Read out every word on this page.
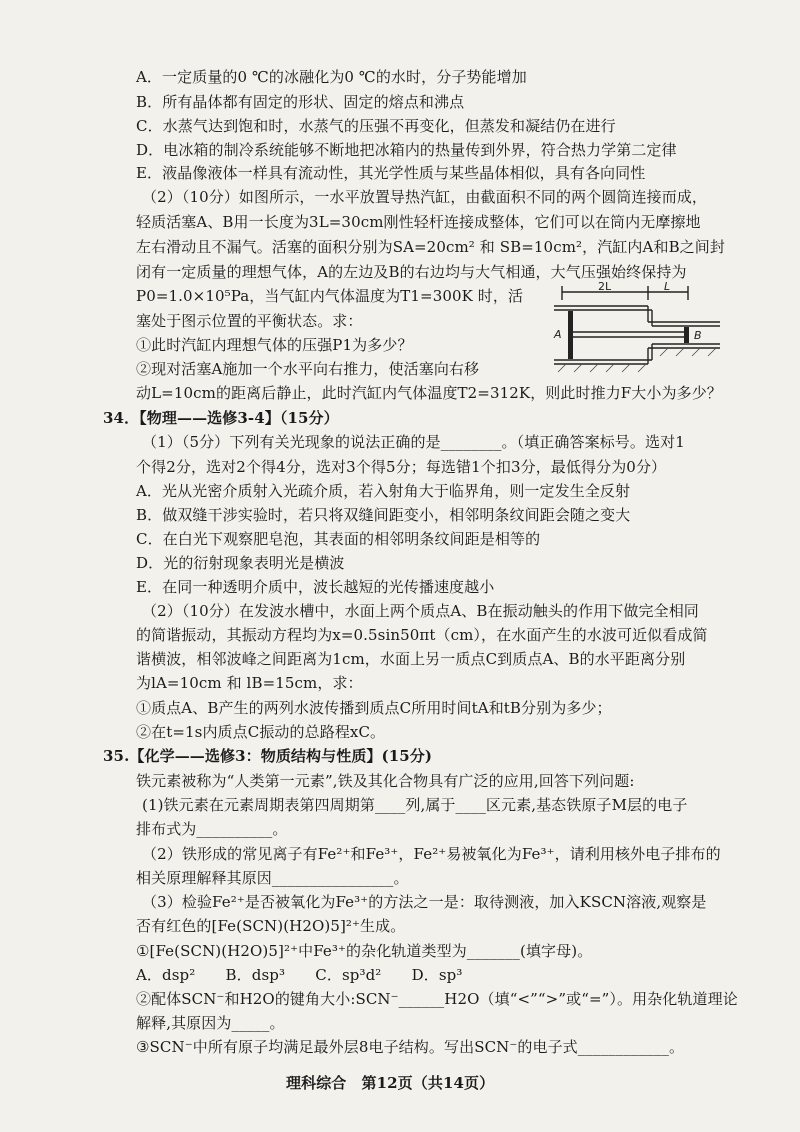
A．一定质量的0 ℃的冰融化为0 ℃的水时，分子势能增加
B．所有晶体都有固定的形状、固定的熔点和沸点
C．水蒸气达到饱和时，水蒸气的压强不再变化，但蒸发和凝结仍在进行
D．电冰箱的制冷系统能够不断地把冰箱内的热量传到外界，符合热力学第二定律
E．液晶像液体一样具有流动性，其光学性质与某些晶体相似，具有各向同性
（2）（10分）如图所示，一水平放置导热汽缸，由截面积不同的两个圆筒连接而成，
轻质活塞A、B用一长度为3L=30cm刚性轻杆连接成整体，它们可以在筒内无摩擦地
左右滑动且不漏气。活塞的面积分别为SA=20cm² 和 SB=10cm²，汽缸内A和B之间封
闭有一定质量的理想气体，A的左边及B的右边均与大气相通，大气压强始终保持为
P0=1.0×10⁵Pa，当气缸内气体温度为T1=300K 时，活
塞处于图示位置的平衡状态。求：
①此时汽缸内理想气体的压强P1为多少？
②现对活塞A施加一个水平向右推力，使活塞向右移
动L=10cm的距离后静止，此时汽缸内气体温度T2=312K，则此时推力F大小为多少？
2L	L
A	B
34．【物理——选修3-4】（15分）
（1）（5分）下列有关光现象的说法正确的是________。（填正确答案标号。选对1
个得2分，选对2个得4分，选对3个得5分；每选错1个扣3分，最低得分为0分）
A．光从光密介质射入光疏介质，若入射角大于临界角，则一定发生全反射
B．做双缝干涉实验时，若只将双缝间距变小，相邻明条纹间距会随之变大
C．在白光下观察肥皂泡，其表面的相邻明条纹间距是相等的
D．光的衍射现象表明光是横波
E．在同一种透明介质中，波长越短的光传播速度越小
（2）（10分）在发波水槽中，水面上两个质点A、B在振动触头的作用下做完全相同
的简谐振动，其振动方程均为x=0.5sin50πt（cm），在水面产生的水波可近似看成简
谐横波，相邻波峰之间距离为1cm，水面上另一质点C到质点A、B的水平距离分别
为lA=10cm 和 lB=15cm，求：
①质点A、B产生的两列水波传播到质点C所用时间tA和tB分别为多少；
②在t=1s内质点C振动的总路程xC。
35.【化学——选修3：物质结构与性质】(15分)
铁元素被称为“人类第一元素”,铁及其化合物具有广泛的应用,回答下列问题:
(1)铁元素在元素周期表第四周期第____列,属于____区元素,基态铁原子M层的电子
排布式为__________。
（2）铁形成的常见离子有Fe²⁺和Fe³⁺，Fe²⁺易被氧化为Fe³⁺，请利用核外电子排布的
相关原理解释其原因________________。
（3）检验Fe²⁺是否被氧化为Fe³⁺的方法之一是：取待测液，加入KSCN溶液,观察是
否有红色的[Fe(SCN)(H2O)5]²⁺生成。
①[Fe(SCN)(H2O)5]²⁺中Fe³⁺的杂化轨道类型为_______(填字母)。
A．dsp²　　B．dsp³　　C．sp³d²　　D．sp³
②配体SCN⁻和H2O的键角大小:SCN⁻______H2O（填“<”“>”或“=”）。用杂化轨道理论
解释,其原因为_____。
③SCN⁻中所有原子均满足最外层8电子结构。写出SCN⁻的电子式____________。
理科综合　第12页（共14页）
